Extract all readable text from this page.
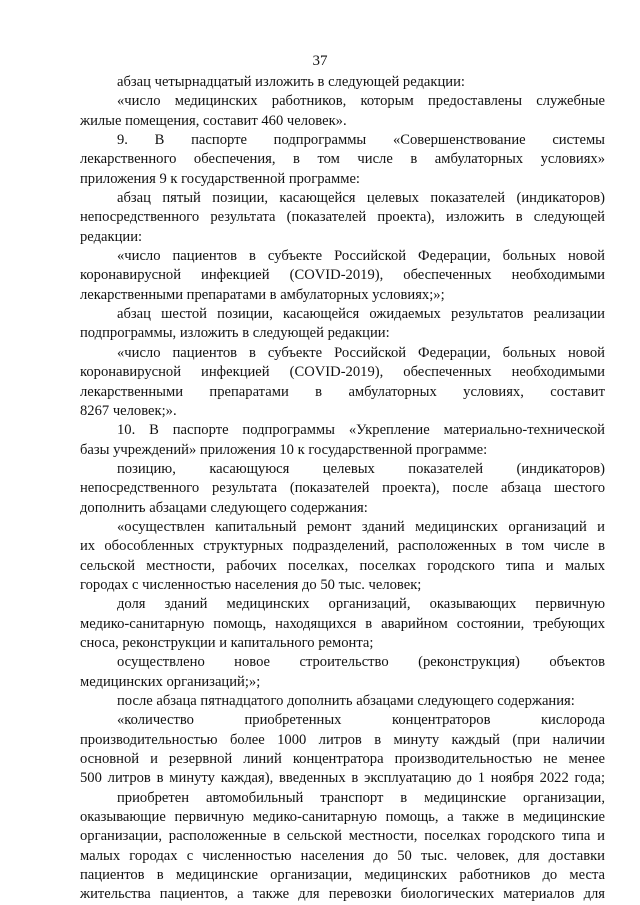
37
абзац четырнадцатый изложить в следующей редакции:
«число медицинских работников, которым предоставлены служебные
жилые помещения, составит 460 человек».
9. В паспорте подпрограммы «Совершенствование системы
лекарственного обеспечения, в том числе в амбулаторных условиях»
приложения 9 к государственной программе:
абзац пятый позиции, касающейся целевых показателей (индикаторов)
непосредственного результата (показателей проекта), изложить в следующей
редакции:
«число пациентов в субъекте Российской Федерации, больных новой
коронавирусной инфекцией (COVID-2019), обеспеченных необходимыми
лекарственными препаратами в амбулаторных условиях;»;
абзац шестой позиции, касающейся ожидаемых результатов реализации
подпрограммы, изложить в следующей редакции:
«число пациентов в субъекте Российской Федерации, больных новой
коронавирусной инфекцией (COVID-2019), обеспеченных необходимыми
лекарственными препаратами в амбулаторных условиях, составит
8267 человек;».
10. В паспорте подпрограммы «Укрепление материально-технической
базы учреждений» приложения 10 к государственной программе:
позицию, касающуюся целевых показателей (индикаторов)
непосредственного результата (показателей проекта), после абзаца шестого
дополнить абзацами следующего содержания:
«осуществлен капитальный ремонт зданий медицинских организаций и
их обособленных структурных подразделений, расположенных в том числе в
сельской местности, рабочих поселках, поселках городского типа и малых
городах с численностью населения до 50 тыс. человек;
доля зданий медицинских организаций, оказывающих первичную
медико-санитарную помощь, находящихся в аварийном состоянии, требующих
сноса, реконструкции и капитального ремонта;
осуществлено новое строительство (реконструкция) объектов
медицинских организаций;»;
после абзаца пятнадцатого дополнить абзацами следующего содержания:
«количество приобретенных концентраторов кислорода
производительностью более 1000 литров в минуту каждый (при наличии
основной и резервной линий концентратора производительностью не менее
500 литров в минуту каждая), введенных в эксплуатацию до 1 ноября 2022 года;
приобретен автомобильный транспорт в медицинские организации,
оказывающие первичную медико-санитарную помощь, а также в медицинские
организации, расположенные в сельской местности, поселках городского типа и
малых городах с численностью населения до 50 тыс. человек, для доставки
пациентов в медицинские организации, медицинских работников до места
жительства пациентов, а также для перевозки биологических материалов для
